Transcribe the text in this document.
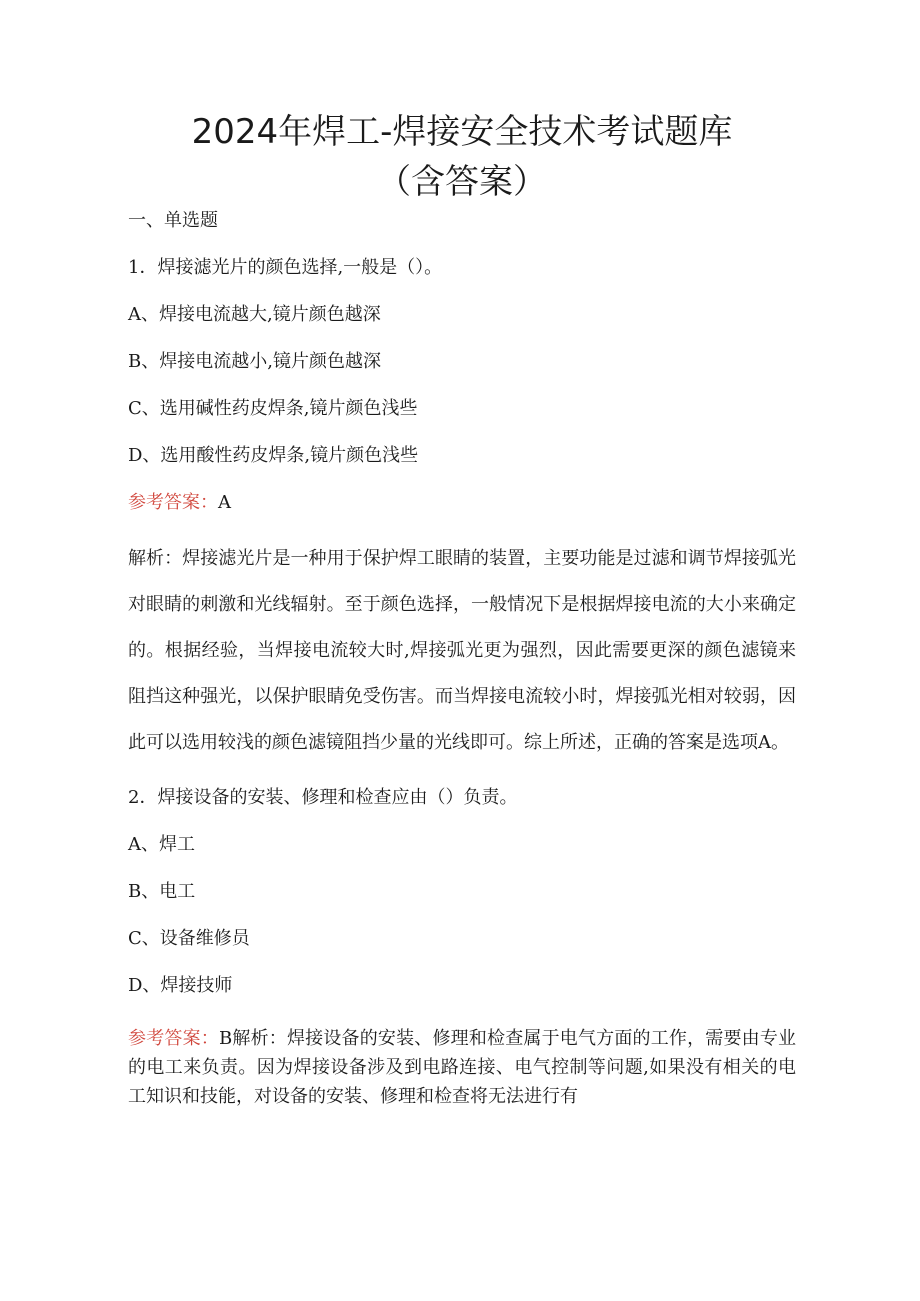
2024年焊工-焊接安全技术考试题库
（含答案）
一、单选题

1．焊接滤光片的颜色选择,一般是（）。

A、焊接电流越大,镜片颜色越深

B、焊接电流越小,镜片颜色越深

C、选用碱性药皮焊条,镜片颜色浅些

D、选用酸性药皮焊条,镜片颜色浅些

参考答案：A

解析：焊接滤光片是一种用于保护焊工眼睛的装置，主要功能是过滤和调节焊接弧光对眼睛的刺激和光线辐射。至于颜色选择，一般情况下是根据焊接电流的大小来确定的。根据经验，当焊接电流较大时,焊接弧光更为强烈，因此需要更深的颜色滤镜来阻挡这种强光，以保护眼睛免受伤害。而当焊接电流较小时，焊接弧光相对较弱，因此可以选用较浅的颜色滤镜阻挡少量的光线即可。综上所述，正确的答案是选项A。

2．焊接设备的安装、修理和检查应由（）负责。

A、焊工

B、电工

C、设备维修员

D、焊接技师

参考答案：B解析：焊接设备的安装、修理和检查属于电气方面的工作，需要由专业的电工来负责。因为焊接设备涉及到电路连接、电气控制等问题,如果没有相关的电工知识和技能，对设备的安装、修理和检查将无法进行有
